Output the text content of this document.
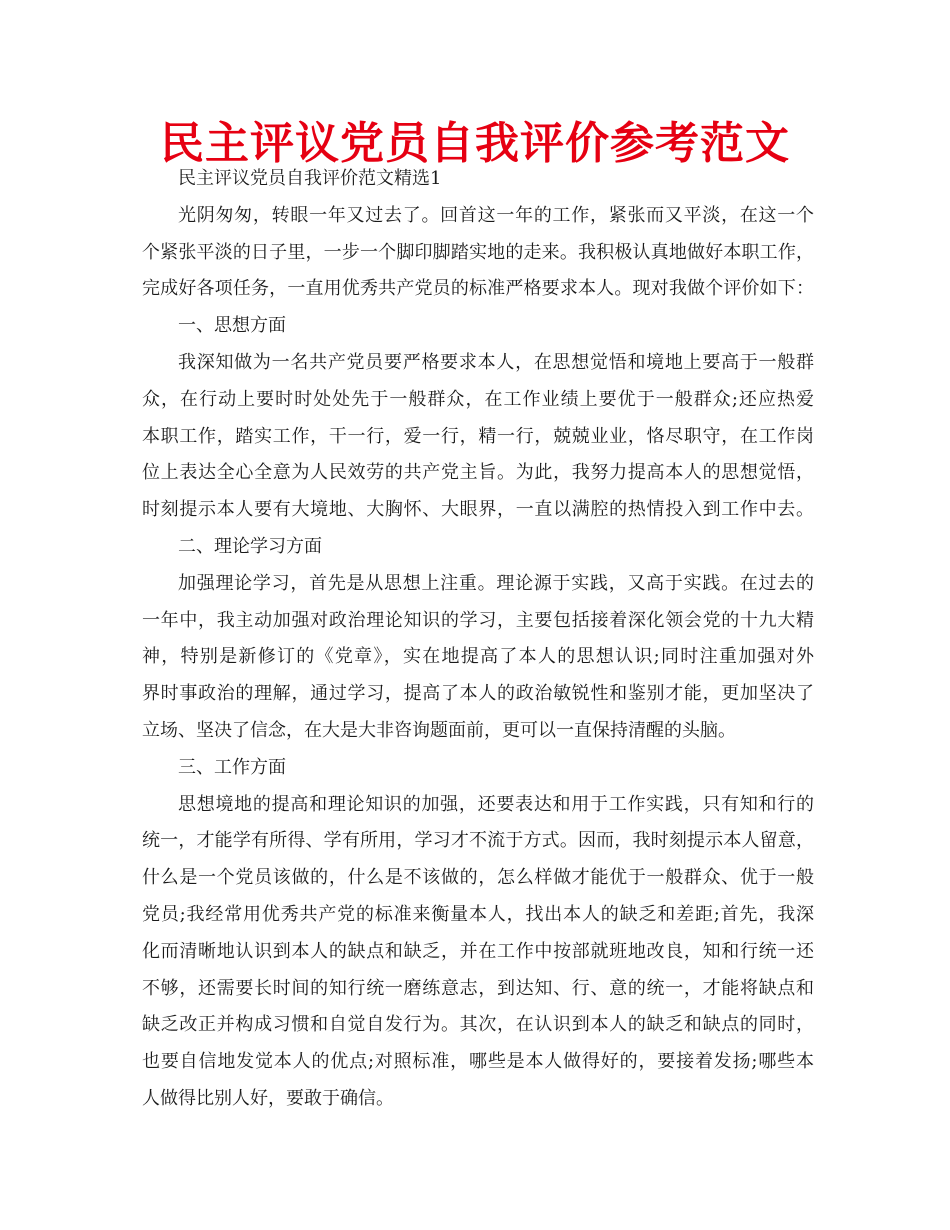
民主评议党员自我评价参考范文
民主评议党员自我评价范文精选1
光阴匆匆，转眼一年又过去了。回首这一年的工作，紧张而又平淡，在这一个
个紧张平淡的日子里，一步一个脚印脚踏实地的走来。我积极认真地做好本职工作，
完成好各项任务，一直用优秀共产党员的标准严格要求本人。现对我做个评价如下：
一、思想方面
我深知做为一名共产党员要严格要求本人，在思想觉悟和境地上要高于一般群
众，在行动上要时时处处先于一般群众，在工作业绩上要优于一般群众;还应热爱
本职工作，踏实工作，干一行，爱一行，精一行，兢兢业业，恪尽职守，在工作岗
位上表达全心全意为人民效劳的共产党主旨。为此，我努力提高本人的思想觉悟，
时刻提示本人要有大境地、大胸怀、大眼界，一直以满腔的热情投入到工作中去。
二、理论学习方面
加强理论学习，首先是从思想上注重。理论源于实践，又高于实践。在过去的
一年中，我主动加强对政治理论知识的学习，主要包括接着深化领会党的十九大精
神，特别是新修订的《党章》，实在地提高了本人的思想认识;同时注重加强对外
界时事政治的理解，通过学习，提高了本人的政治敏锐性和鉴别才能，更加坚决了
立场、坚决了信念，在大是大非咨询题面前，更可以一直保持清醒的头脑。
三、工作方面
思想境地的提高和理论知识的加强，还要表达和用于工作实践，只有知和行的
统一，才能学有所得、学有所用，学习才不流于方式。因而，我时刻提示本人留意，
什么是一个党员该做的，什么是不该做的，怎么样做才能优于一般群众、优于一般
党员;我经常用优秀共产党的标准来衡量本人，找出本人的缺乏和差距;首先，我深
化而清晰地认识到本人的缺点和缺乏，并在工作中按部就班地改良，知和行统一还
不够，还需要长时间的知行统一磨练意志，到达知、行、意的统一，才能将缺点和
缺乏改正并构成习惯和自觉自发行为。其次，在认识到本人的缺乏和缺点的同时，
也要自信地发觉本人的优点;对照标准，哪些是本人做得好的，要接着发扬;哪些本
人做得比别人好，要敢于确信。
